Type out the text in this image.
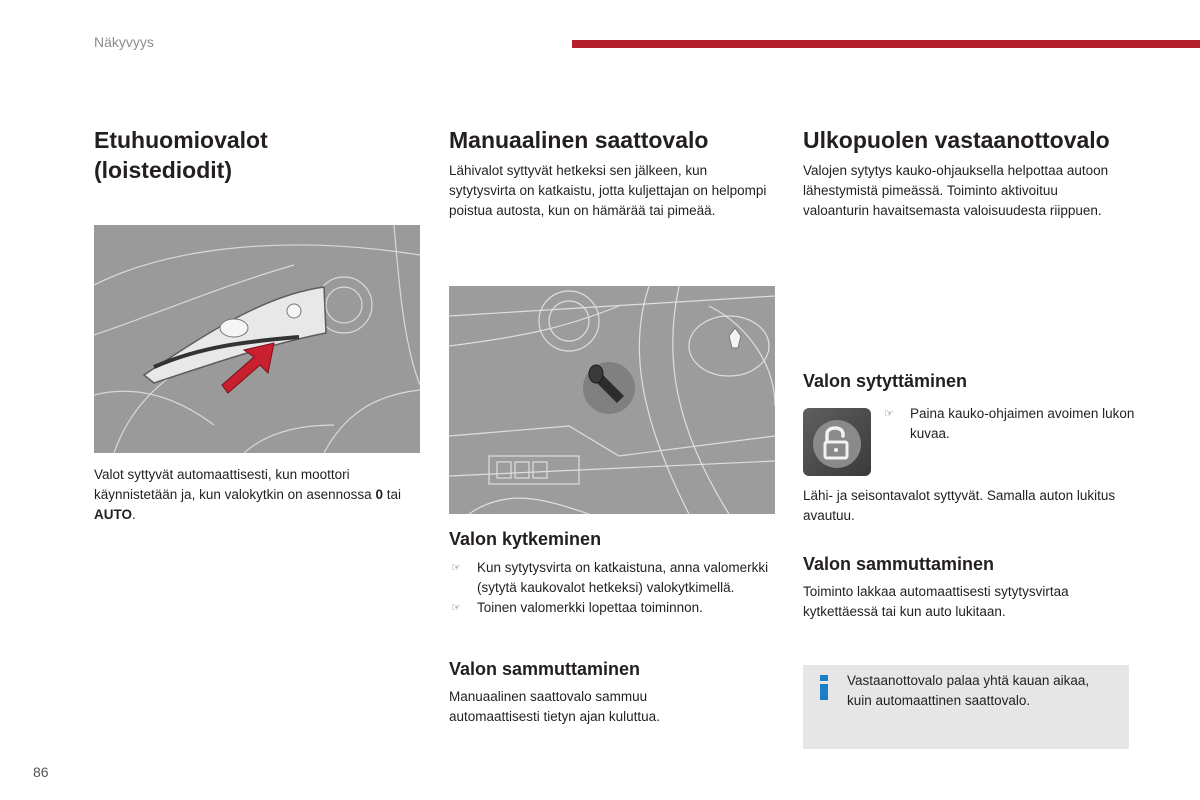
Näkyvyys
Etuhuomiovalot (loistediodit)

Valot syttyvät automaattisesti, kun moottori käynnistetään ja, kun valokytkin on asennossa 0 tai AUTO.

Manuaalinen saattovalo

Lähivalot syttyvät hetkeksi sen jälkeen, kun sytytysvirta on katkaistu, jotta kuljettajan on helpompi poistua autosta, kun on hämärää tai pimeää.

Valon kytkeminen
☞ Kun sytytysvirta on katkaistuna, anna valomerkki (sytytä kaukovalot hetkeksi) valokytkimellä.
☞ Toinen valomerkki lopettaa toiminnon.
Valon sammuttaminen

Manuaalinen saattovalo sammuu automaattisesti tietyn ajan kuluttua.

Ulkopuolen vastaanottovalo

Valojen sytytys kauko-ohjauksella helpottaa autoon lähestymistä pimeässä. Toiminto aktivoituu valoanturin havaitsemasta valoisuudesta riippuen.

Valon sytyttäminen
☞ Paina kauko-ohjaimen avoimen lukon kuvaa.

Lähi- ja seisontavalot syttyvät. Samalla auton lukitus avautuu.

Valon sammuttaminen

Toiminto lakkaa automaattisesti sytytysvirtaa kytkettäessä tai kun auto lukitaan.

Vastaanottovalo palaa yhtä kauan aikaa, kuin automaattinen saattovalo.
86
